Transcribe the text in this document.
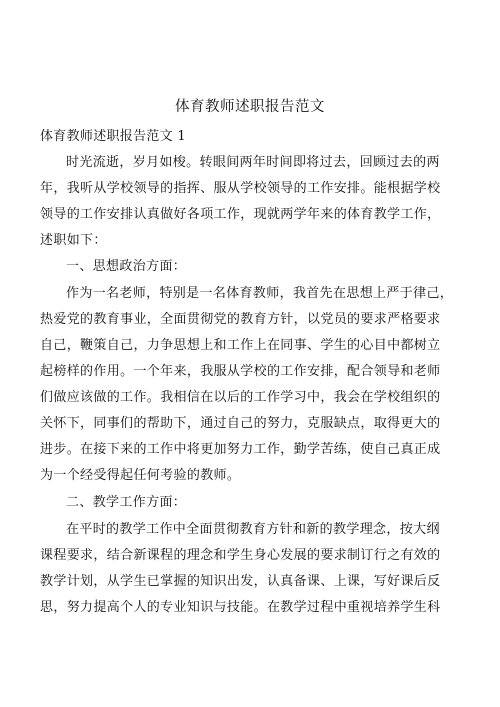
体育教师述职报告范文
体育教师述职报告范文 1
时光流逝，岁月如梭。转眼间两年时间即将过去，回顾过去的两
年，我听从学校领导的指挥、服从学校领导的工作安排。能根据学校
领导的工作安排认真做好各项工作，现就两学年来的体育教学工作，
述职如下：
一、思想政治方面：
作为一名老师，特别是一名体育教师，我首先在思想上严于律己，
热爱党的教育事业，全面贯彻党的教育方针，以党员的要求严格要求
自己，鞭策自己，力争思想上和工作上在同事、学生的心目中都树立
起榜样的作用。一个年来，我服从学校的工作安排，配合领导和老师
们做应该做的工作。我相信在以后的工作学习中，我会在学校组织的
关怀下，同事们的帮助下，通过自己的努力，克服缺点，取得更大的
进步。在接下来的工作中将更加努力工作，勤学苦练，使自己真正成
为一个经受得起任何考验的教师。
二、教学工作方面：
在平时的教学工作中全面贯彻教育方针和新的教学理念，按大纲
课程要求，结合新课程的理念和学生身心发展的要求制订行之有效的
教学计划，从学生已掌握的知识出发，认真备课、上课，写好课后反
思，努力提高个人的专业知识与技能。在教学过程中重视培养学生科
